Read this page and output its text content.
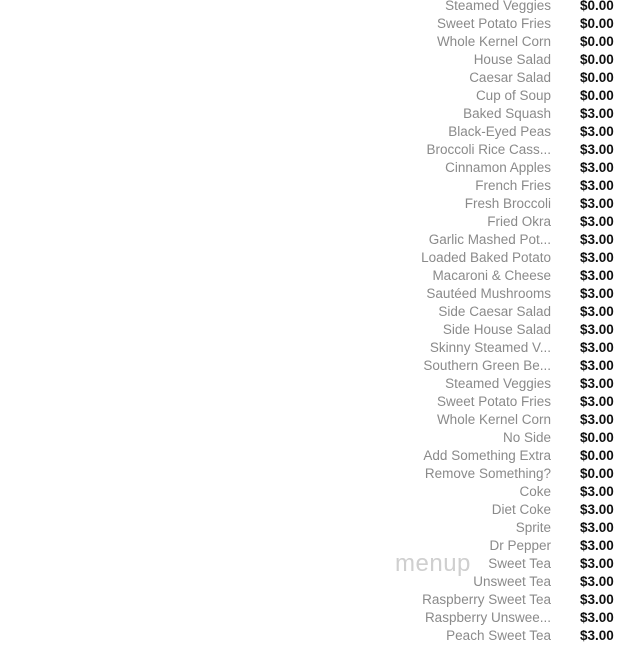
Steamed Veggies $0.00
Sweet Potato Fries $0.00
Whole Kernel Corn $0.00
House Salad $0.00
Caesar Salad $0.00
Cup of Soup $0.00
Baked Squash $3.00
Black-Eyed Peas $3.00
Broccoli Rice Cass... $3.00
Cinnamon Apples $3.00
French Fries $3.00
Fresh Broccoli $3.00
Fried Okra $3.00
Garlic Mashed Pot... $3.00
Loaded Baked Potato $3.00
Macaroni & Cheese $3.00
Sautéed Mushrooms $3.00
Side Caesar Salad $3.00
Side House Salad $3.00
Skinny Steamed V... $3.00
Southern Green Be... $3.00
Steamed Veggies $3.00
Sweet Potato Fries $3.00
Whole Kernel Corn $3.00
No Side $0.00
Add Something Extra $0.00
Remove Something? $0.00
Coke $3.00
Diet Coke $3.00
Sprite $3.00
Dr Pepper $3.00
Sweet Tea $3.00
Unsweet Tea $3.00
Raspberry Sweet Tea $3.00
Raspberry Unswee... $3.00
Peach Sweet Tea $3.00
menup
